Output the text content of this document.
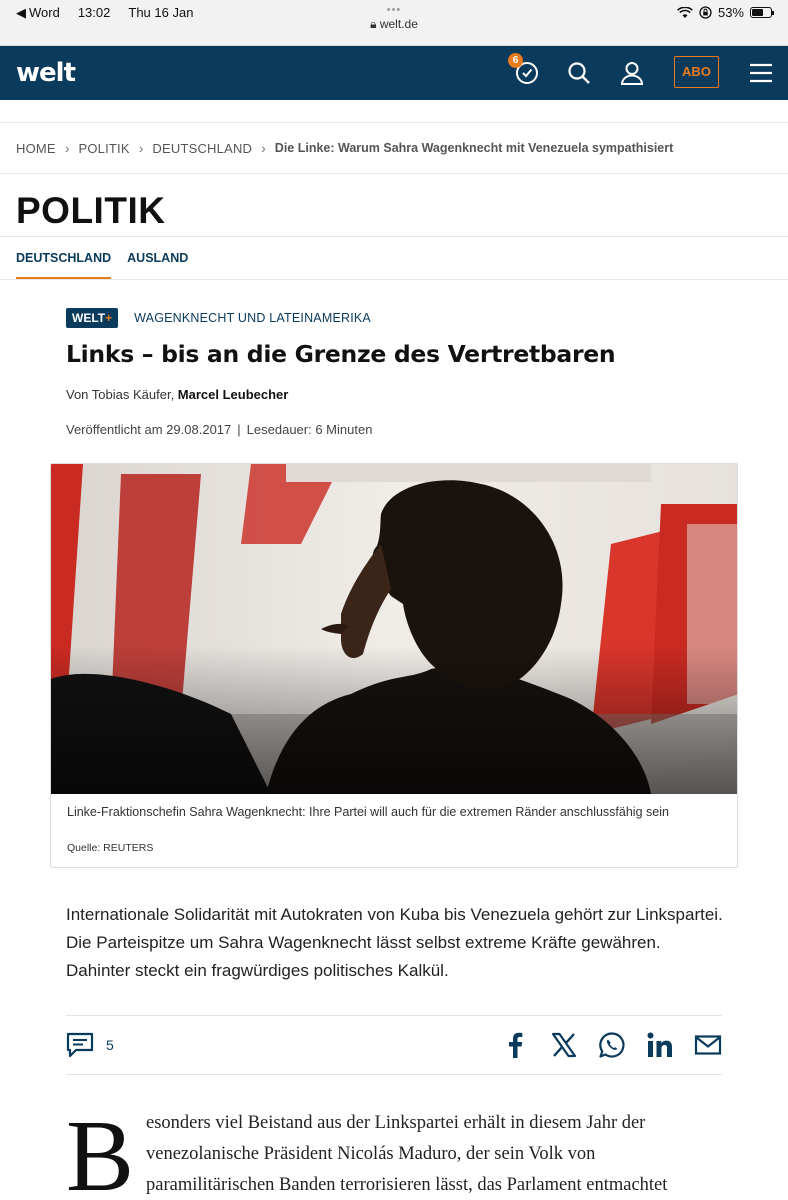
◀ Word 13:02 Thu 16 Jan	•••
🔒︎ welt.de
53%
welt	6
ABO
HOME › POLITIK › DEUTSCHLAND › Die Linke: Warum Sahra Wagenknecht mit Venezuela sympathisiert
POLITIK
DEUTSCHLAND AUSLAND
WELT+	WAGENKNECHT UND LATEINAMERIKA
Links – bis an die Grenze des Vertretbaren
Von Tobias Käufer, Marcel Leubecher
Veröffentlicht am 29.08.2017 | Lesedauer: 6 Minuten
Linke-Fraktionschefin Sahra Wagenknecht: Ihre Partei will auch für die extremen Ränder anschlussfähig sein
Quelle: REUTERS

Internationale Solidarität mit Autokraten von Kuba bis Venezuela gehört zur Linkspartei. Die Parteispitze um Sahra Wagenknecht lässt selbst extreme Kräfte gewähren. Dahinter steckt ein fragwürdiges politisches Kalkül.

5
B esonders viel Beistand aus der Linkspartei erhält in diesem Jahr der
venezolanische Präsident Nicolás Maduro, der sein Volk von
paramilitärischen Banden terrorisieren lässt, das Parlament entmachtet
